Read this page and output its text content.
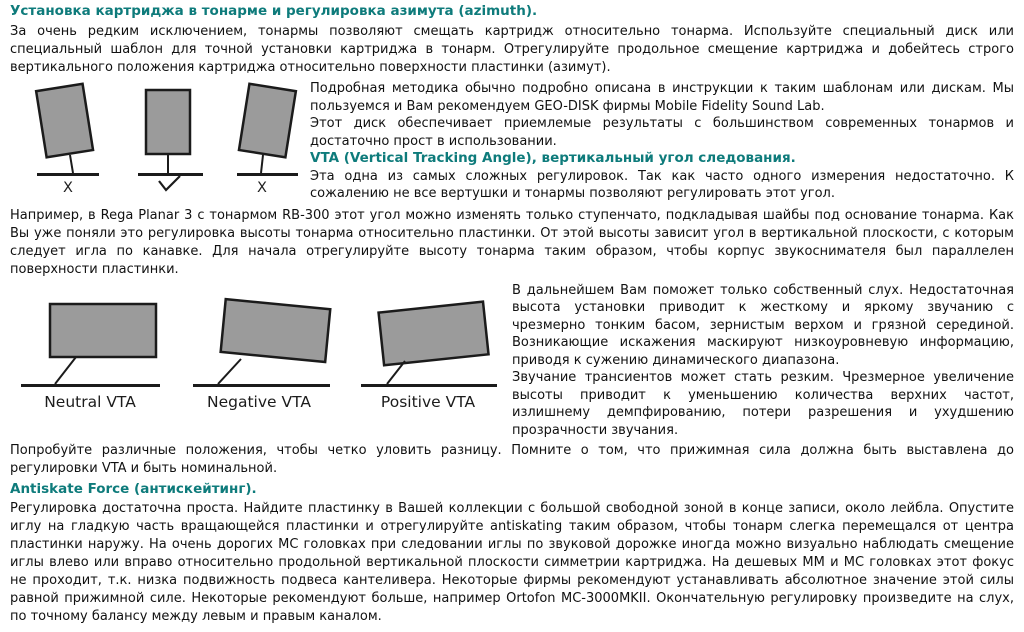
Установка картриджа в тонарме и регулировка азимута (azimuth).

За очень редким исключением, тонармы позволяют смещать картридж относительно тонарма. Используйте специальный диск или специальный шаблон для точной установки картриджа в тонарм. Отрегулируйте продольное смещение картриджа и добейтесь строго вертикального положения картриджа относительно поверхности пластинки (азимут).

X	X

Подробная методика обычно подробно описана в инструкции к таким шаблонам или дискам. Мы пользуемся и Вам рекомендуем GEO-DISK фирмы Mobile Fidelity Sound Lab.

Этот диск обеспечивает приемлемые результаты с большинством современных тонармов и достаточно прост в использовании.

VTA (Vertical Tracking Angle), вертикальный угол следования.

Эта одна из самых сложных регулировок. Так как часто одного измерения недостаточно. К сожалению не все вертушки и тонармы позволяют регулировать этот угол.

Например, в Rega Planar 3 с тонармом RB-300 этот угол можно изменять только ступенчато, подкладывая шайбы под основание тонарма. Как Вы уже поняли это регулировка высоты тонарма относительно пластинки. От этой высоты зависит угол в вертикальной плоскости, с которым следует игла по канавке. Для начала отрегулируйте высоту тонарма таким образом, чтобы корпус звукоснимателя был параллелен поверхности пластинки.

Neutral VTA	Negative VTA	Positive VTA

В дальнейшем Вам поможет только собственный слух. Недостаточная высота установки приводит к жесткому и яркому звучанию с чрезмерно тонким басом, зернистым верхом и грязной серединой. Возникающие искажения маскируют низкоуровневую информацию, приводя к сужению динамического диапазона.

Звучание трансиентов может стать резким. Чрезмерное увеличение высоты приводит к уменьшению количества верхних частот, излишнему демпфированию, потери разрешения и ухудшению прозрачности звучания.

Попробуйте различные положения, чтобы четко уловить разницу. Помните о том, что прижимная сила должна быть выставлена до регулировки VTA и быть номинальной.

Antiskate Force (антискейтинг).

Регулировка достаточна проста. Найдите пластинку в Вашей коллекции с большой свободной зоной в конце записи, около лейбла. Опустите иглу на гладкую часть вращающейся пластинки и отрегулируйте antiskating таким образом, чтобы тонарм слегка перемещался от центра пластинки наружу. На очень дорогих МС головках при следовании иглы по звуковой дорожке иногда можно визуально наблюдать смещение иглы влево или вправо относительно продольной вертикальной плоскости симметрии картриджа. На дешевых ММ и МС головках этот фокус не проходит, т.к. низка подвижность подвеса кантеливера. Некоторые фирмы рекомендуют устанавливать абсолютное значение этой силы равной прижимной силе. Некоторые рекомендуют больше, например Ortofon MC-3000MKII. Окончательную регулировку произведите на слух, по точному балансу между левым и правым каналом.
